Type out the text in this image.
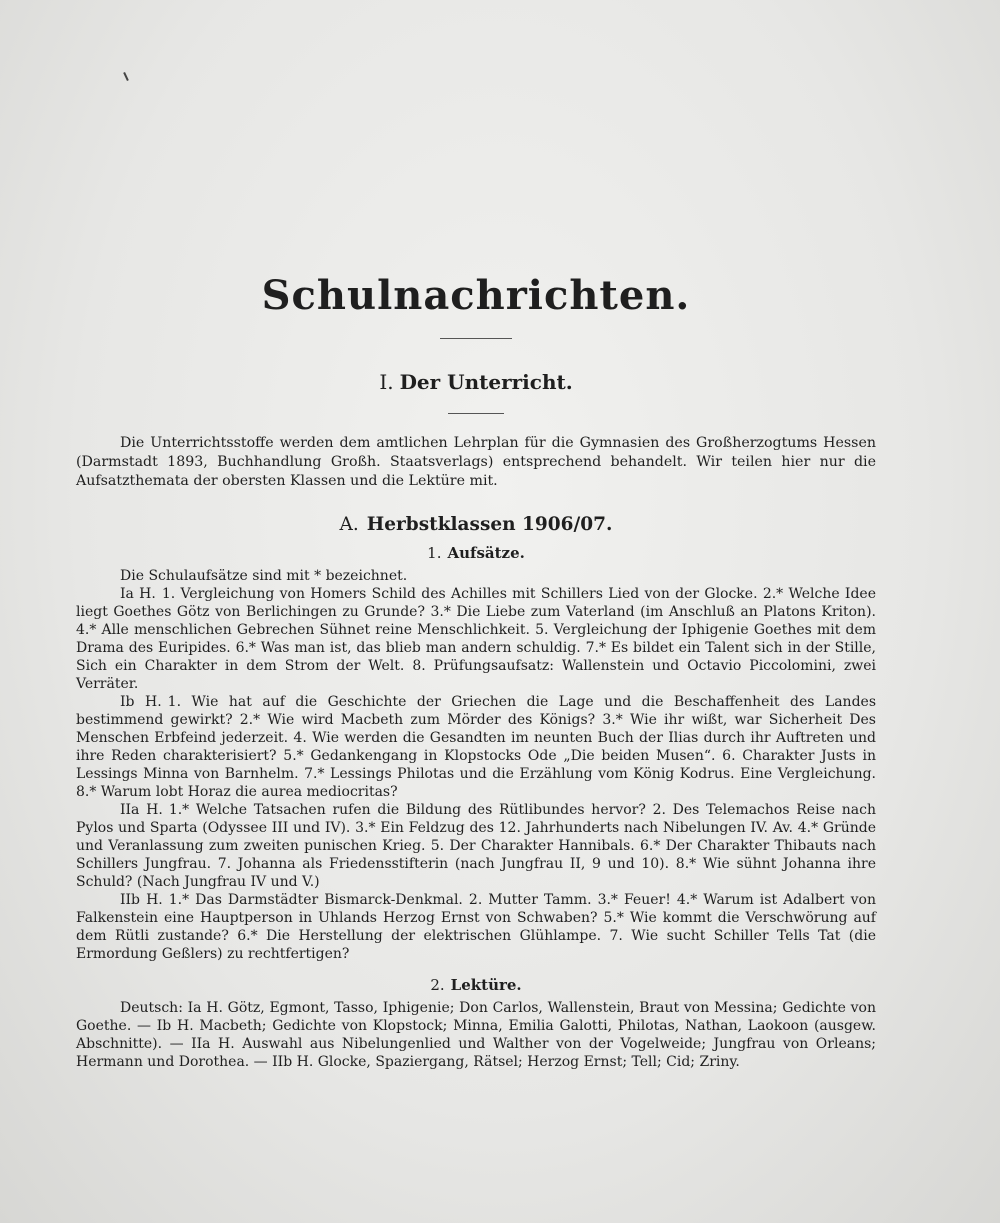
Schulnachrichten.
I. Der Unterricht.

Die Unterrichtsstoffe werden dem amtlichen Lehrplan für die Gymnasien des Großherzogtums Hessen (Darmstadt 1893, Buchhandlung Großh. Staatsverlags) entsprechend behandelt. Wir teilen hier nur die Aufsatzthemata der obersten Klassen und die Lektüre mit.

A. Herbstklassen 1906/07.
1. Aufsätze.

Die Schulaufsätze sind mit * bezeichnet.

Ia H. 1. Vergleichung von Homers Schild des Achilles mit Schillers Lied von der Glocke. 2.* Welche Idee liegt Goethes Götz von Berlichingen zu Grunde? 3.* Die Liebe zum Vaterland (im Anschluß an Platons Kriton). 4.* Alle menschlichen Gebrechen Sühnet reine Menschlichkeit. 5. Vergleichung der Iphigenie Goethes mit dem Drama des Euripides. 6.* Was man ist, das blieb man andern schuldig. 7.* Es bildet ein Talent sich in der Stille, Sich ein Charakter in dem Strom der Welt. 8. Prüfungsaufsatz: Wallenstein und Octavio Piccolomini, zwei Verräter.

Ib H. 1. Wie hat auf die Geschichte der Griechen die Lage und die Beschaffenheit des Landes bestimmend gewirkt? 2.* Wie wird Macbeth zum Mörder des Königs? 3.* Wie ihr wißt, war Sicherheit Des Menschen Erbfeind jederzeit. 4. Wie werden die Gesandten im neunten Buch der Ilias durch ihr Auftreten und ihre Reden charakterisiert? 5.* Gedankengang in Klopstocks Ode „Die beiden Musen“. 6. Charakter Justs in Lessings Minna von Barnhelm. 7.* Lessings Philotas und die Erzählung vom König Kodrus. Eine Vergleichung. 8.* Warum lobt Horaz die aurea mediocritas?

IIa H. 1.* Welche Tatsachen rufen die Bildung des Rütlibundes hervor? 2. Des Telemachos Reise nach Pylos und Sparta (Odyssee III und IV). 3.* Ein Feldzug des 12. Jahrhunderts nach Nibelungen IV. Av. 4.* Gründe und Veranlassung zum zweiten punischen Krieg. 5. Der Charakter Hannibals. 6.* Der Charakter Thibauts nach Schillers Jungfrau. 7. Johanna als Friedensstifterin (nach Jungfrau II, 9 und 10). 8.* Wie sühnt Johanna ihre Schuld? (Nach Jungfrau IV und V.)

IIb H. 1.* Das Darmstädter Bismarck-Denkmal. 2. Mutter Tamm. 3.* Feuer! 4.* Warum ist Adalbert von Falkenstein eine Hauptperson in Uhlands Herzog Ernst von Schwaben? 5.* Wie kommt die Verschwörung auf dem Rütli zustande? 6.* Die Herstellung der elektrischen Glühlampe. 7. Wie sucht Schiller Tells Tat (die Ermordung Geßlers) zu rechtfertigen?

2. Lektüre.

Deutsch: Ia H. Götz, Egmont, Tasso, Iphigenie; Don Carlos, Wallenstein, Braut von Messina; Gedichte von Goethe. — Ib H. Macbeth; Gedichte von Klopstock; Minna, Emilia Galotti, Philotas, Nathan, Laokoon (ausgew. Abschnitte). — IIa H. Auswahl aus Nibelungenlied und Walther von der Vogelweide; Jungfrau von Orleans; Hermann und Dorothea. — IIb H. Glocke, Spaziergang, Rätsel; Herzog Ernst; Tell; Cid; Zriny.
